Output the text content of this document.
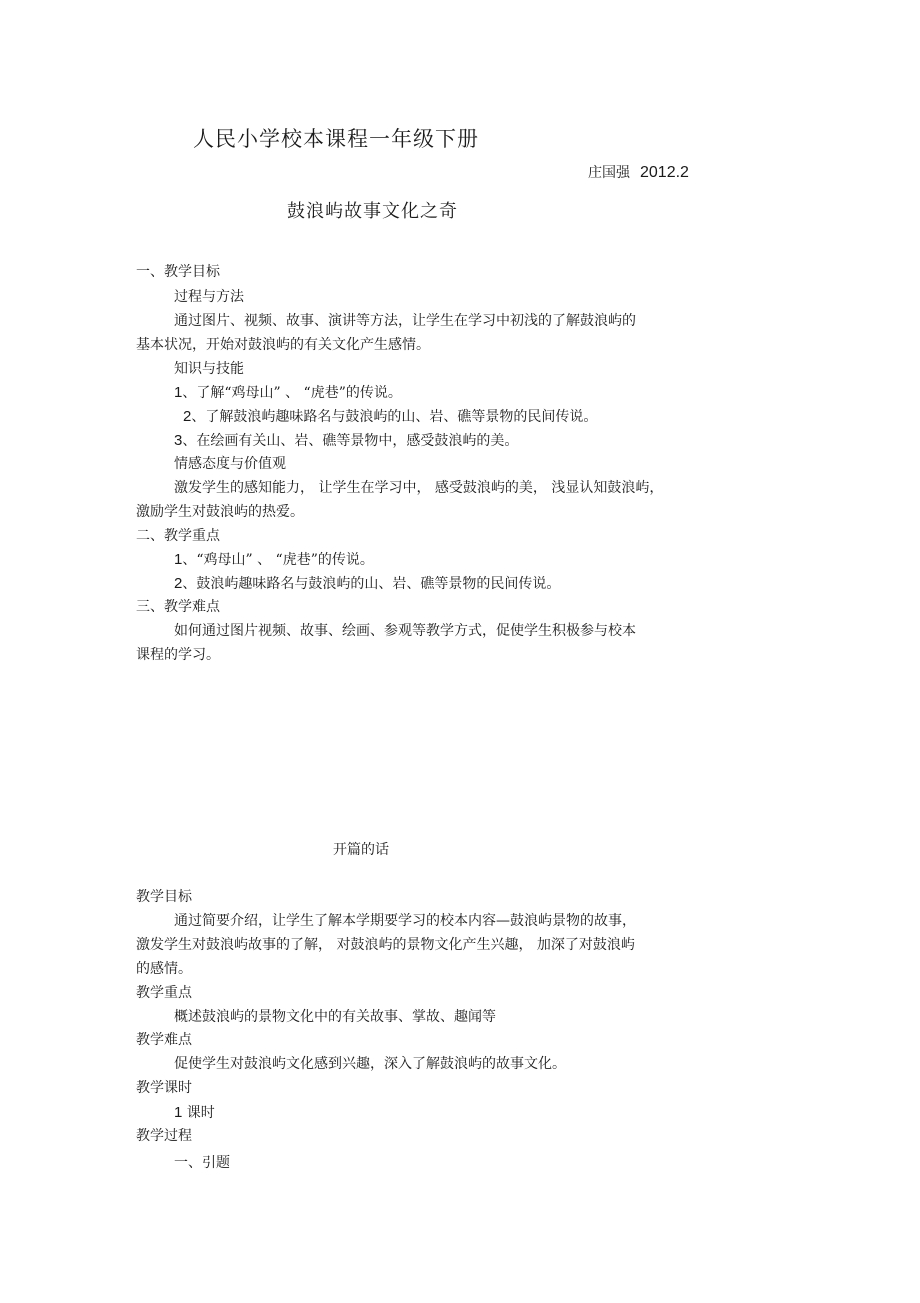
人民小学校本课程一年级下册
庄国强 2012.2
鼓浪屿故事文化之奇
一、教学目标
过程与方法
通过图片、视频、故事、演讲等方法，让学生在学习中初浅的了解鼓浪屿的
基本状况，开始对鼓浪屿的有关文化产生感情。
知识与技能
1、了解“鸡母山” 、 “虎巷”的传说。
2、了解鼓浪屿趣味路名与鼓浪屿的山、岩、礁等景物的民间传说。
3、在绘画有关山、岩、礁等景物中，感受鼓浪屿的美。
情感态度与价值观
激发学生的感知能力， 让学生在学习中， 感受鼓浪屿的美， 浅显认知鼓浪屿，
激励学生对鼓浪屿的热爱。
二、教学重点
1、“鸡母山” 、 “虎巷”的传说。
2、鼓浪屿趣味路名与鼓浪屿的山、岩、礁等景物的民间传说。
三、教学难点
如何通过图片视频、故事、绘画、参观等教学方式，促使学生积极参与校本
课程的学习。
开篇的话
教学目标
通过简要介绍，让学生了解本学期要学习的校本内容—鼓浪屿景物的故事，
激发学生对鼓浪屿故事的了解， 对鼓浪屿的景物文化产生兴趣， 加深了对鼓浪屿
的感情。
教学重点
概述鼓浪屿的景物文化中的有关故事、掌故、趣闻等
教学难点
促使学生对鼓浪屿文化感到兴趣，深入了解鼓浪屿的故事文化。
教学课时
1 课时
教学过程
一、引题
